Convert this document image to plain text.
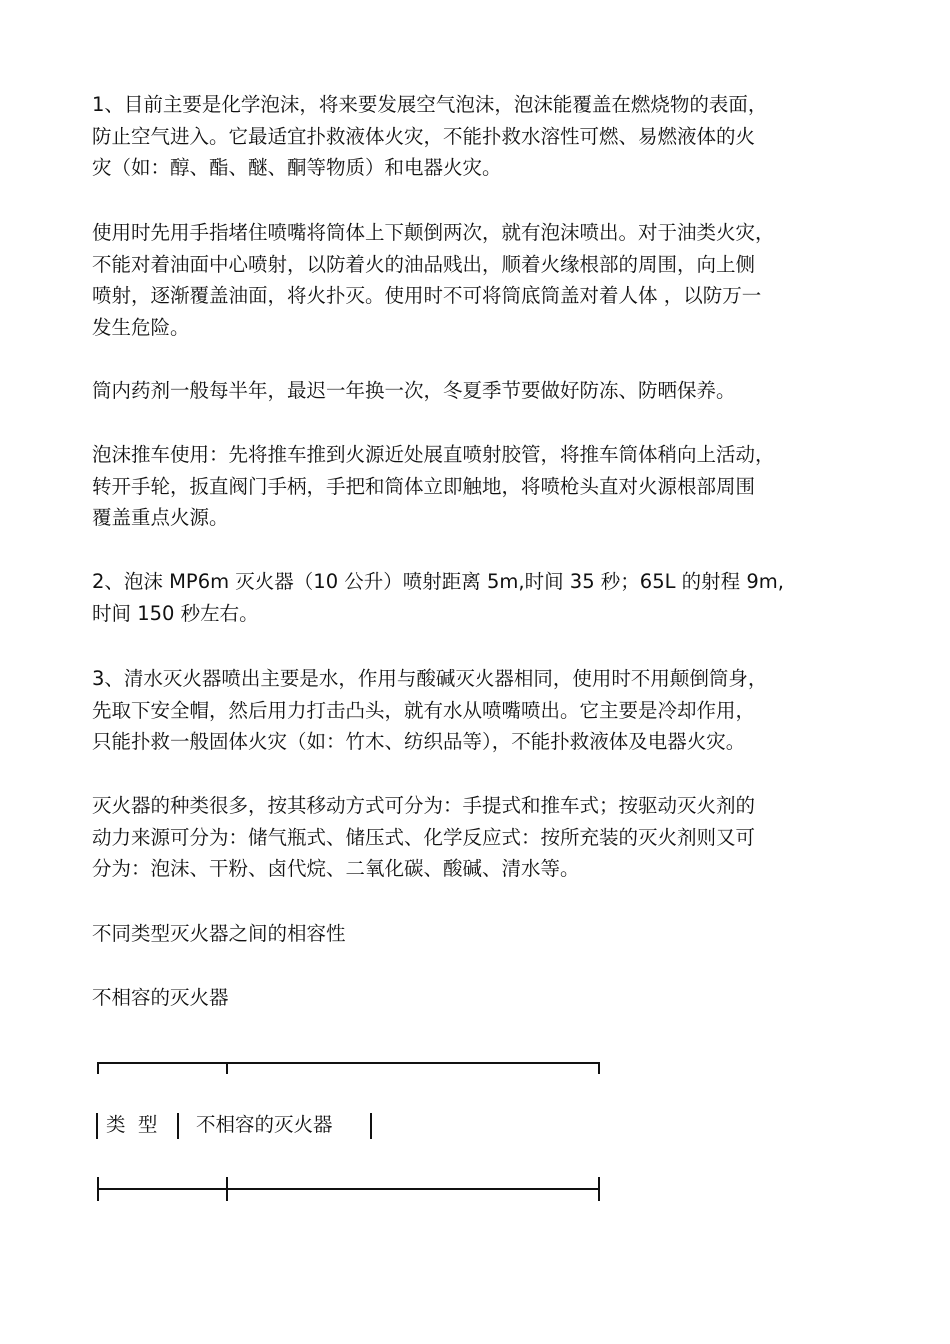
1、目前主要是化学泡沫，将来要发展空气泡沫，泡沫能覆盖在燃烧物的表面，
防止空气进入。它最适宜扑救液体火灾，不能扑救水溶性可燃、易燃液体的火
灾（如：醇、酯、醚、酮等物质）和电器火灾。

使用时先用手指堵住喷嘴将筒体上下颠倒两次，就有泡沫喷出。对于油类火灾，
不能对着油面中心喷射，以防着火的油品贱出，顺着火缘根部的周围，向上侧
喷射，逐渐覆盖油面，将火扑灭。使用时不可将筒底筒盖对着人体 ，以防万一
发生危险。

筒内药剂一般每半年，最迟一年换一次，冬夏季节要做好防冻、防晒保养。

泡沫推车使用：先将推车推到火源近处展直喷射胶管，将推车筒体稍向上活动，
转开手轮，扳直阀门手柄，手把和筒体立即触地，将喷枪头直对火源根部周围
覆盖重点火源。

2、泡沫 MP6m 灭火器（10 公升）喷射距离 5m,时间 35 秒；65L 的射程 9m,
时间 150 秒左右。

3、清水灭火器喷出主要是水，作用与酸碱灭火器相同，使用时不用颠倒筒身，
先取下安全帽，然后用力打击凸头，就有水从喷嘴喷出。它主要是冷却作用，
只能扑救一般固体火灾（如：竹木、纺织品等），不能扑救液体及电器火灾。

灭火器的种类很多，按其移动方式可分为：手提式和推车式；按驱动灭火剂的
动力来源可分为：储气瓶式、储压式、化学反应式：按所充装的灭火剂则又可
分为：泡沫、干粉、卤代烷、二氧化碳、酸碱、清水等。

不同类型灭火器之间的相容性

不相容的灭火器

类  型 不相容的灭火器
